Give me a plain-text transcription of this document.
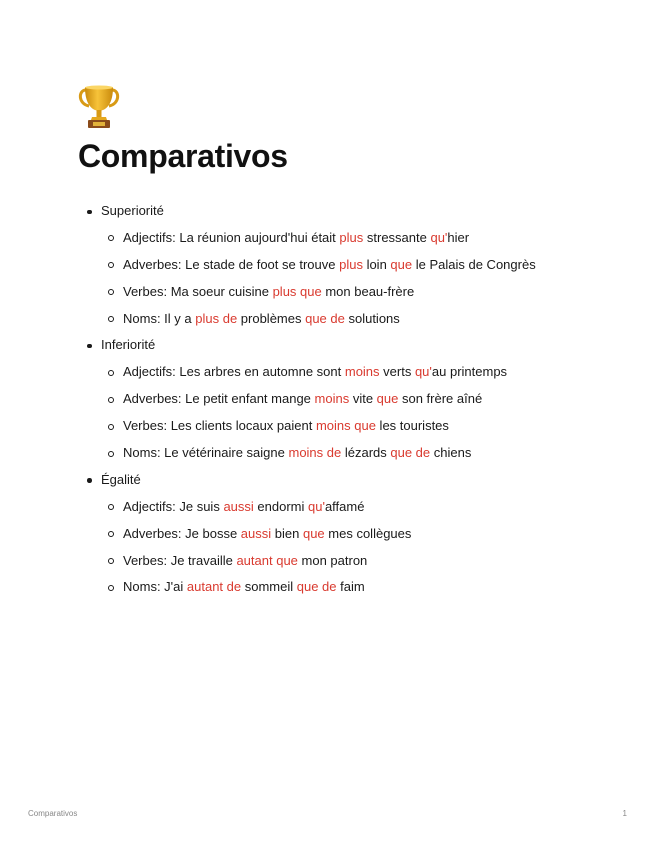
Comparativos
Superiorité
Adjectifs: La réunion aujourd'hui était plus stressante qu'hier
Adverbes: Le stade de foot se trouve plus loin que le Palais de Congrès
Verbes: Ma soeur cuisine plus que mon beau-frère
Noms: Il y a plus de problèmes que de solutions
Inferiorité
Adjectifs: Les arbres en automne sont moins verts qu'au printemps
Adverbes: Le petit enfant mange moins vite que son frère aîné
Verbes: Les clients locaux paient moins que les touristes
Noms: Le vétérinaire saigne moins de lézards que de chiens
Égalité
Adjectifs: Je suis aussi endormi qu'affamé
Adverbes: Je bosse aussi bien que mes collègues
Verbes: Je travaille autant que mon patron
Noms: J'ai autant de sommeil que de faim
Comparativos	1
